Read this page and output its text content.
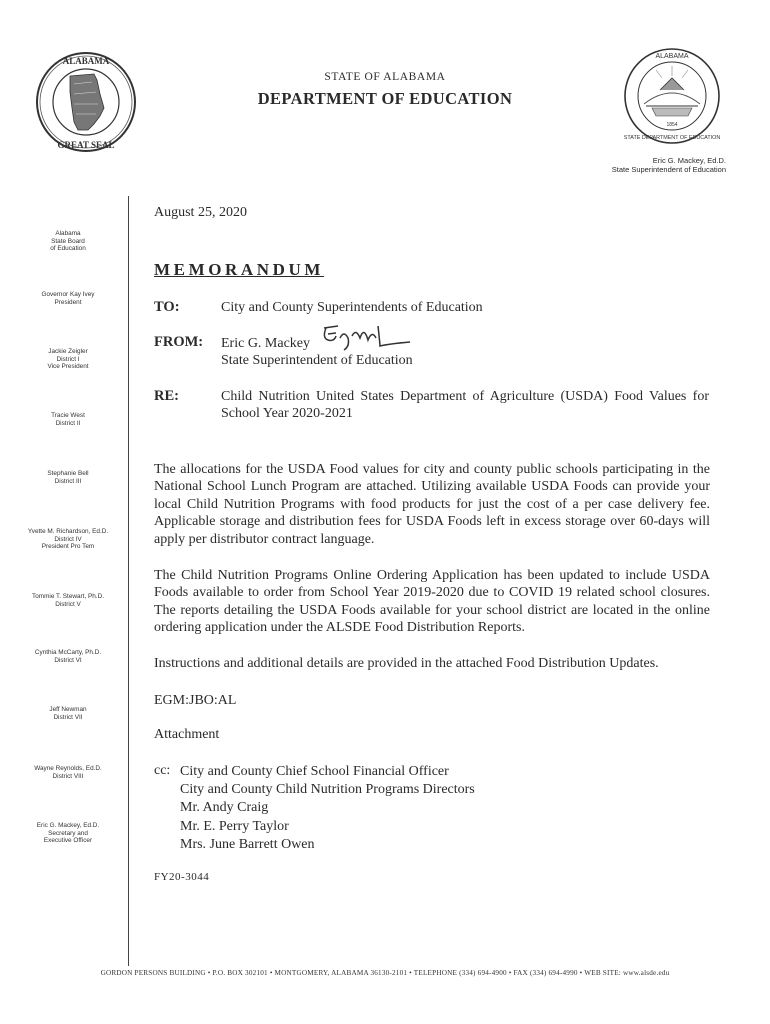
ALABAMA
GREAT SEAL
ALABAMA
1854
STATE DEPARTMENT OF EDUCATION
STATE OF ALABAMA
DEPARTMENT OF EDUCATION
Eric G. Mackey, Ed.D.
State Superintendent of Education
Alabama
State Board
of Education
Governor Kay Ivey
President
Jackie Zeigler
District I
Vice President
Tracie West
District II
Stephanie Bell
District III
Yvette M. Richardson, Ed.D.
District IV
President Pro Tem
Tommie T. Stewart, Ph.D.
District V
Cynthia McCarty, Ph.D.
District VI
Jeff Newman
District VII
Wayne Reynolds, Ed.D.
District VIII
Eric G. Mackey, Ed.D.
Secretary and
Executive Officer
August 25, 2020
MEMORANDUM
TO:	City and County Superintendents of Education
FROM: Eric G. Mackey
State Superintendent of Education
RE:	Child Nutrition United States Department of Agriculture (USDA) Food Values for School Year 2020-2021
The allocations for the USDA Food values for city and county public schools participating in the National School Lunch Program are attached. Utilizing available USDA Foods can provide your local Child Nutrition Programs with food products for just the cost of a per case delivery fee. Applicable storage and distribution fees for USDA Foods left in excess storage over 60-days will apply per distributor contract language.
The Child Nutrition Programs Online Ordering Application has been updated to include USDA Foods available to order from School Year 2019-2020 due to COVID 19 related school closures. The reports detailing the USDA Foods available for your school district are located in the online ordering application under the ALSDE Food Distribution Reports.
Instructions and additional details are provided in the attached Food Distribution Updates.
EGM:JBO:AL
Attachment
cc: City and County Chief School Financial Officer
City and County Child Nutrition Programs Directors
Mr. Andy Craig
Mr. E. Perry Taylor
Mrs. June Barrett Owen
FY20-3044
GORDON PERSONS BUILDING • P.O. BOX 302101 • MONTGOMERY, ALABAMA 36130-2101 • TELEPHONE (334) 694-4900 • FAX (334) 694-4990 • WEB SITE: www.alsde.edu
